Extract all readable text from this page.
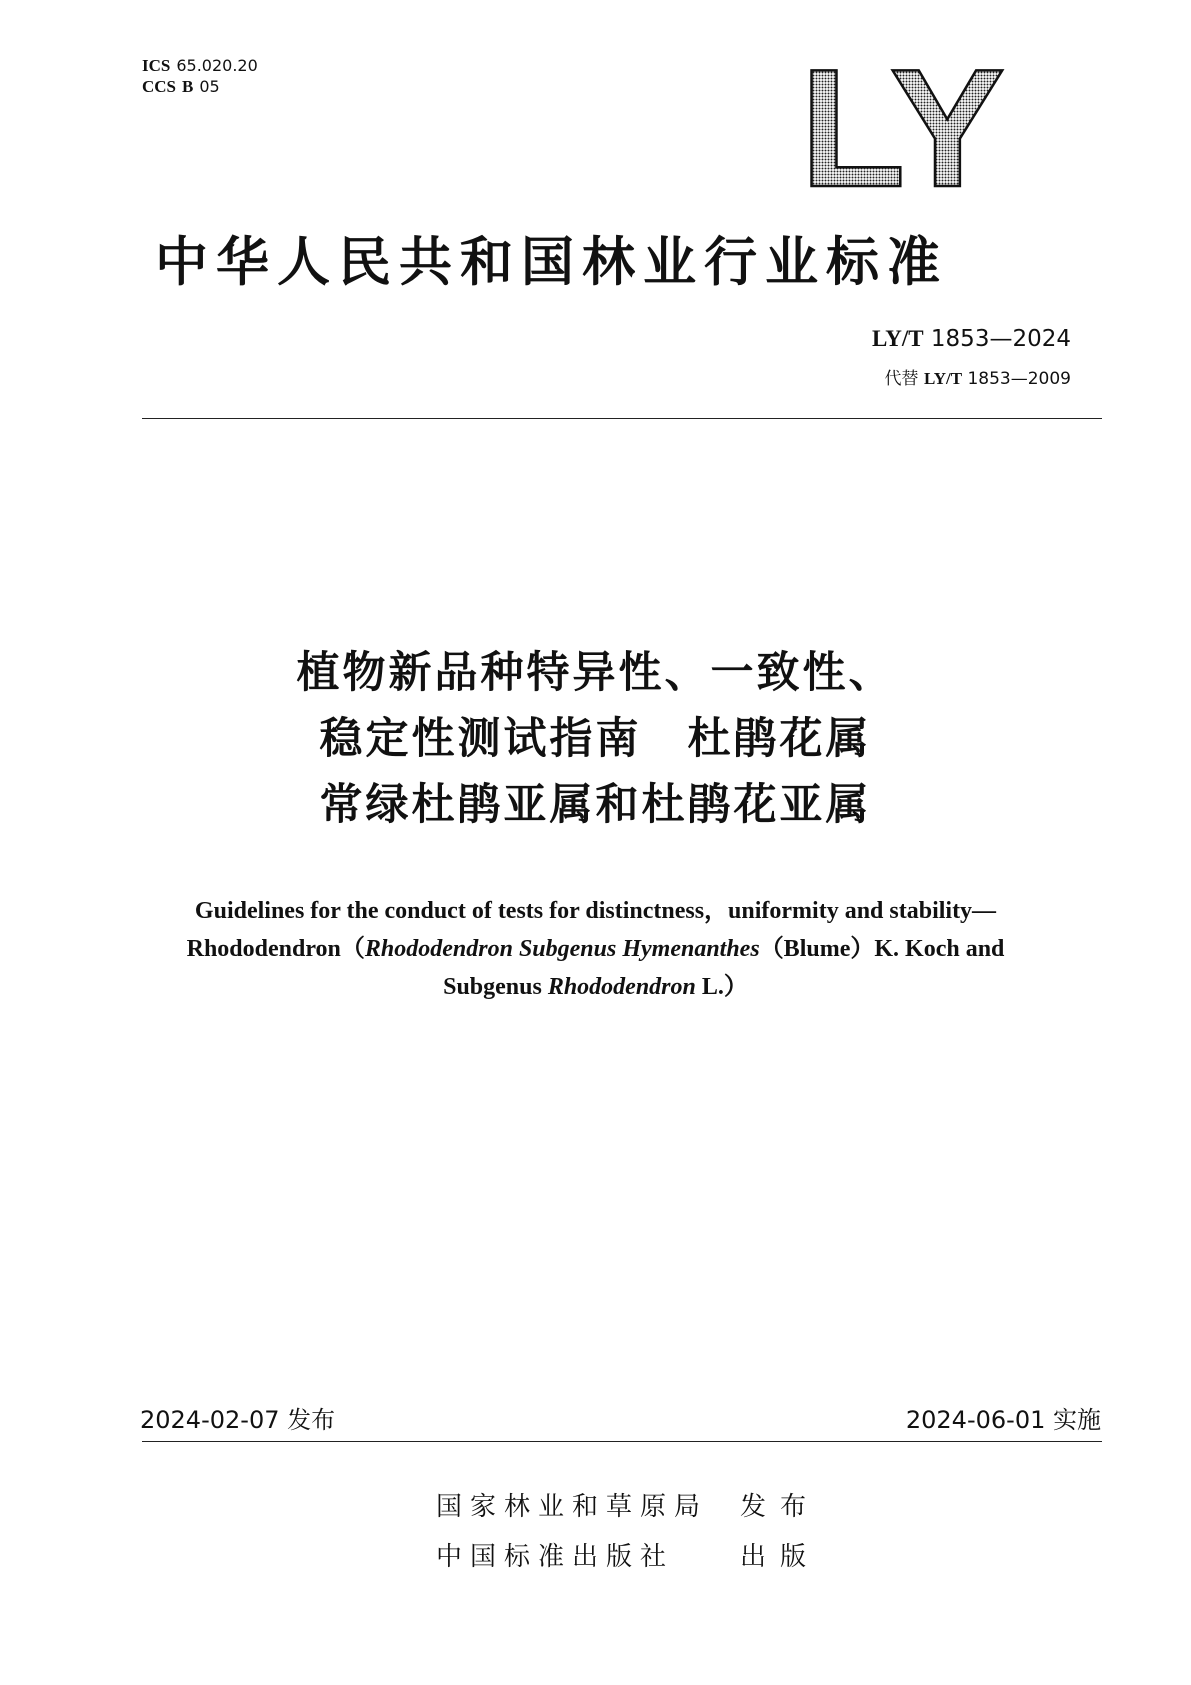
ICS 65.020.20
CCS B 05	LY
中华人民共和国林业行业标准
LY/T 1853—2024
代替 LY/T 1853—2009
植物新品种特异性、一致性、
稳定性测试指南　杜鹃花属
常绿杜鹃亚属和杜鹃花亚属
Guidelines for the conduct of tests for distinctness，uniformity and stability—Rhododendron（Rhododendron Subgenus Hymenanthes（Blume）K. Koch and Subgenus Rhododendron L.）
2024-02-07 发布	2024-06-01 实施
国家林业和草原局 发布
中国标准出版社	出版
